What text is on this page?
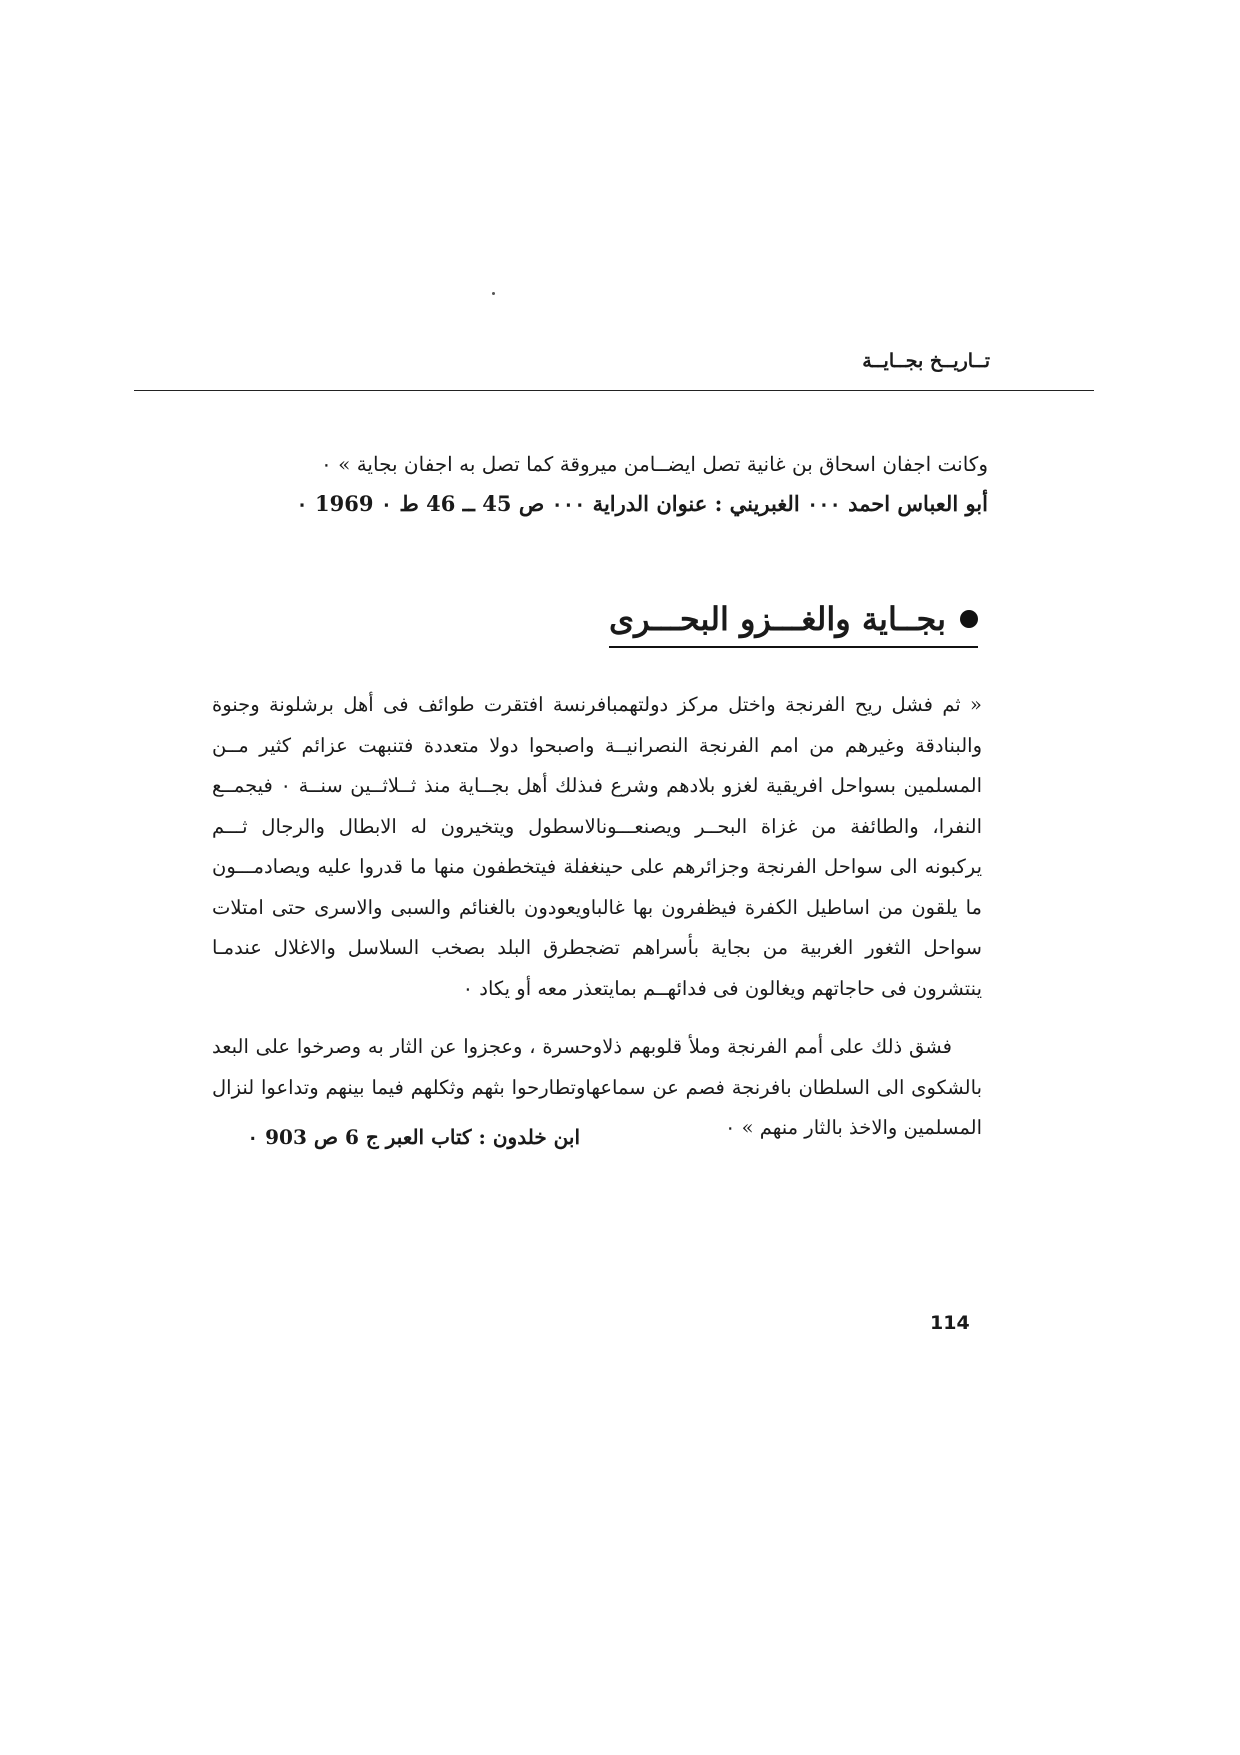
تــاريــخ بجــايــة
وكانت اجفان اسحاق بن غانية تصل ايضــامن ميروقة كما تصل به اجفان بجاية » ٠
أبو العباس احمد ٠٠٠ الغبريني : عنوان الدراية ٠٠٠ ص 45 ــ 46 ط ٠ 1969 ٠
بجــاية والغـــزو البحـــرى
« ثم فشل ريح الفرنجة واختل مركز دولتهمبافرنسة افتقرت طوائف فى أهل برشلونة وجنوة
والبنادقة وغيرهم من امم الفرنجة النصرانيــة واصبحوا دولا متعددة فتنبهت عزائم كثير مــن
المسلمين بسواحل افريقية لغزو بلادهم وشرع فىذلك أهل بجــاية منذ ثــلاثــين سنــة ٠ فيجمــع
النفرا، والطائفة من غزاة البحــر ويصنعـــونالاسطول ويتخيرون له الابطال والرجال ثـــم
يركبونه الى سواحل الفرنجة وجزائرهم على حينغفلة فيتخطفون منها ما قدروا عليه ويصادمـــون
ما يلقون من اساطيل الكفرة فيظفرون بها غالباويعودون بالغنائم والسبى والاسرى حتى امتلات
سواحل الثغور الغربية من بجاية بأسراهم تضجطرق البلد بصخب السلاسل والاغلال عندمـا
ينتشرون فى حاجاتهم ويغالون فى فدائهــم بمايتعذر معه أو يكاد ٠
فشق ذلك على أمم الفرنجة وملأ قلوبهم ذلاوحسرة ، وعجزوا عن الثار به وصرخوا على البعد
بالشكوى الى السلطان بافرنجة فصم عن سماعهاوتطارحوا بثهم وثكلهم فيما بينهم وتداعوا لنزال
المسلمين والاخذ بالثار منهم » ٠
ابن خلدون : كتاب العبر ج 6 ص 903 ٠
114
